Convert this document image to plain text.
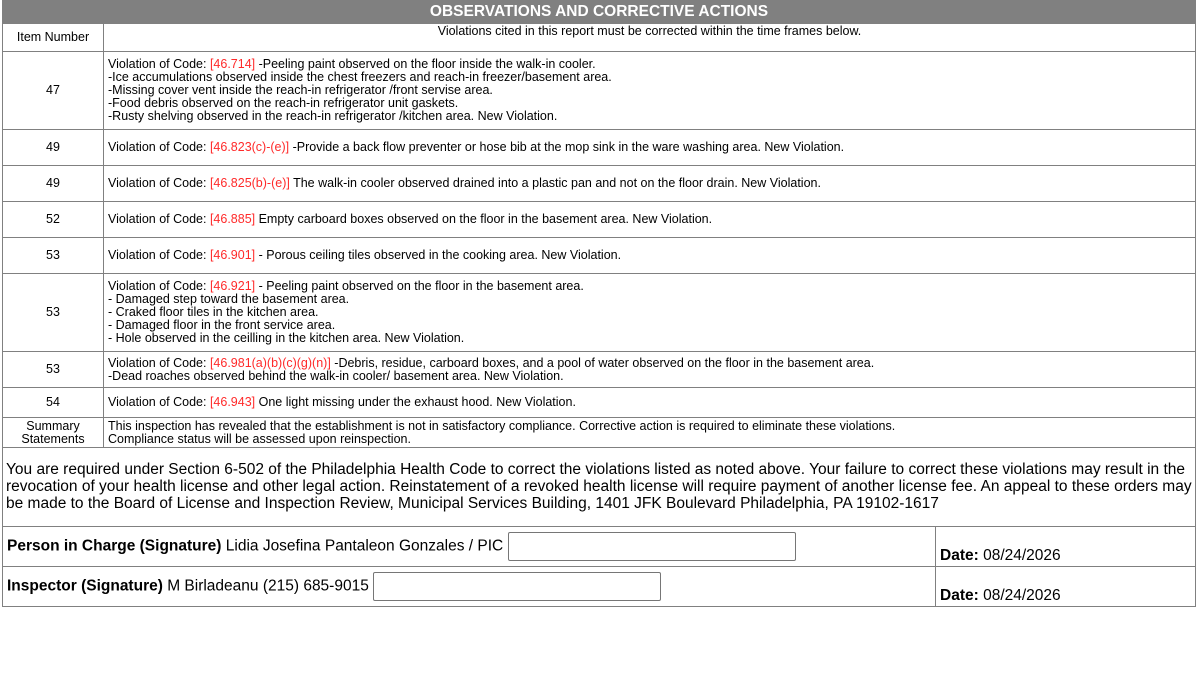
OBSERVATIONS AND CORRECTIVE ACTIONS	
Item Number	Violations cited in this report must be corrected within the time frames below.
47	Violation of Code: [46.714] -Peeling paint observed on the floor inside the walk-in cooler.
-Ice accumulations observed inside the chest freezers and reach-in freezer/basement area.
-Missing cover vent inside the reach-in refrigerator /front servise area.
-Food debris observed on the reach-in refrigerator unit gaskets.
-Rusty shelving observed in the reach-in refrigerator /kitchen area. New Violation.

49	Violation of Code: [46.823(c)-(e)] -Provide a back flow preventer or hose bib at the mop sink in the ware washing area. New Violation.

49	Violation of Code: [46.825(b)-(e)] The walk-in cooler observed drained into a plastic pan and not on the floor drain. New Violation.

52	Violation of Code: [46.885] Empty carboard boxes observed on the floor in the basement area. New Violation.

53	Violation of Code: [46.901] - Porous ceiling tiles observed in the cooking area. New Violation.

53	Violation of Code: [46.921] - Peeling paint observed on the floor in the basement area.
- Damaged step toward the basement area.
- Craked floor tiles in the kitchen area.
- Damaged floor in the front service area.
- Hole observed in the ceilling in the kitchen area. New Violation.

53	Violation of Code: [46.981(a)(b)(c)(g)(n)] -Debris, residue, carboard boxes, and a pool of water observed on the floor in the basement area.
-Dead roaches observed behind the walk-in cooler/ basement area. New Violation.

54	Violation of Code: [46.943] One light missing under the exhaust hood. New Violation.

Summary Statements	This inspection has revealed that the establishment is not in satisfactory compliance. Corrective action is required to eliminate these violations.
Compliance status will be assessed upon reinspection.
You are required under Section 6-502 of the Philadelphia Health Code to correct the violations listed as noted above. Your failure to correct these violations may result in the revocation of your health license and other legal action. Reinstatement of a revoked health license will require payment of another license fee. An appeal to these orders may be made to the Board of License and Inspection Review, Municipal Services Building, 1401 JFK Boulevard Philadelphia, PA 19102-1617	
Person in Charge (Signature) Lidia Josefina Pantaleon Gonzales / PIC	Date: 08/24/2026
Inspector (Signature) M Birladeanu (215) 685-9015	Date: 08/24/2026
